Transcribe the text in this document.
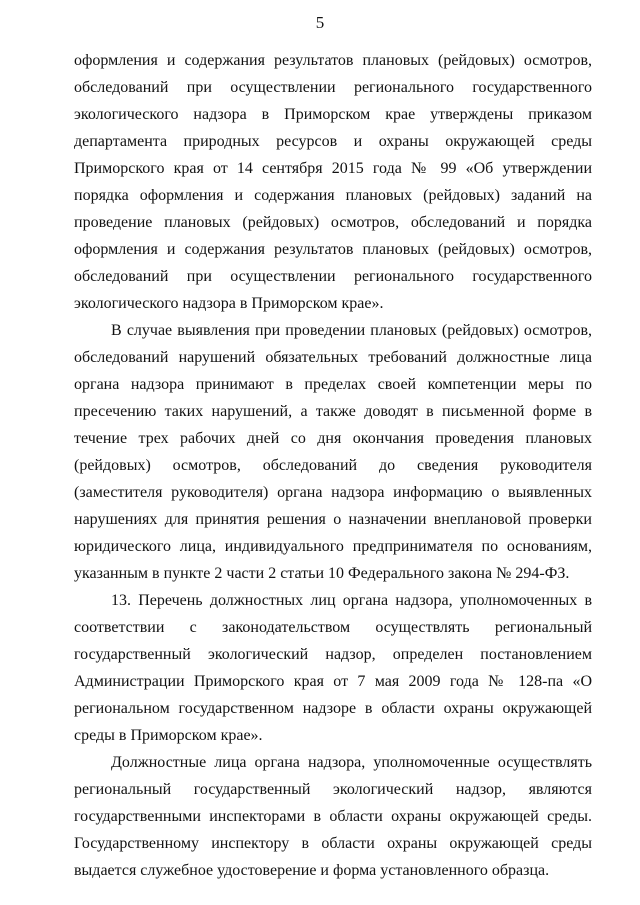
5

оформления и содержания результатов плановых (рейдовых) осмотров, обследований при осуществлении регионального государственного экологического надзора в Приморском крае утверждены приказом департамента природных ресурсов и охраны окружающей среды Приморского края от 14 сентября 2015 года № 99 «Об утверждении порядка оформления и содержания плановых (рейдовых) заданий на проведение плановых (рейдовых) осмотров, обследований и порядка оформления и содержания результатов плановых (рейдовых) осмотров, обследований при осуществлении регионального государственного экологического надзора в Приморском крае».

В случае выявления при проведении плановых (рейдовых) осмотров, обследований нарушений обязательных требований должностные лица органа надзора принимают в пределах своей компетенции меры по пресечению таких нарушений, а также доводят в письменной форме в течение трех рабочих дней со дня окончания проведения плановых (рейдовых) осмотров, обследований до сведения руководителя (заместителя руководителя) органа надзора информацию о выявленных нарушениях для принятия решения о назначении внеплановой проверки юридического лица, индивидуального предпринимателя по основаниям, указанным в пункте 2 части 2 статьи 10 Федерального закона № 294-ФЗ.

13. Перечень должностных лиц органа надзора, уполномоченных в соответствии с законодательством осуществлять региональный государственный экологический надзор, определен постановлением Администрации Приморского края от 7 мая 2009 года № 128-па «О региональном государственном надзоре в области охраны окружающей среды в Приморском крае».

Должностные лица органа надзора, уполномоченные осуществлять региональный государственный экологический надзор, являются государственными инспекторами в области охраны окружающей среды. Государственному инспектору в области охраны окружающей среды выдается служебное удостоверение и форма установленного образца.
